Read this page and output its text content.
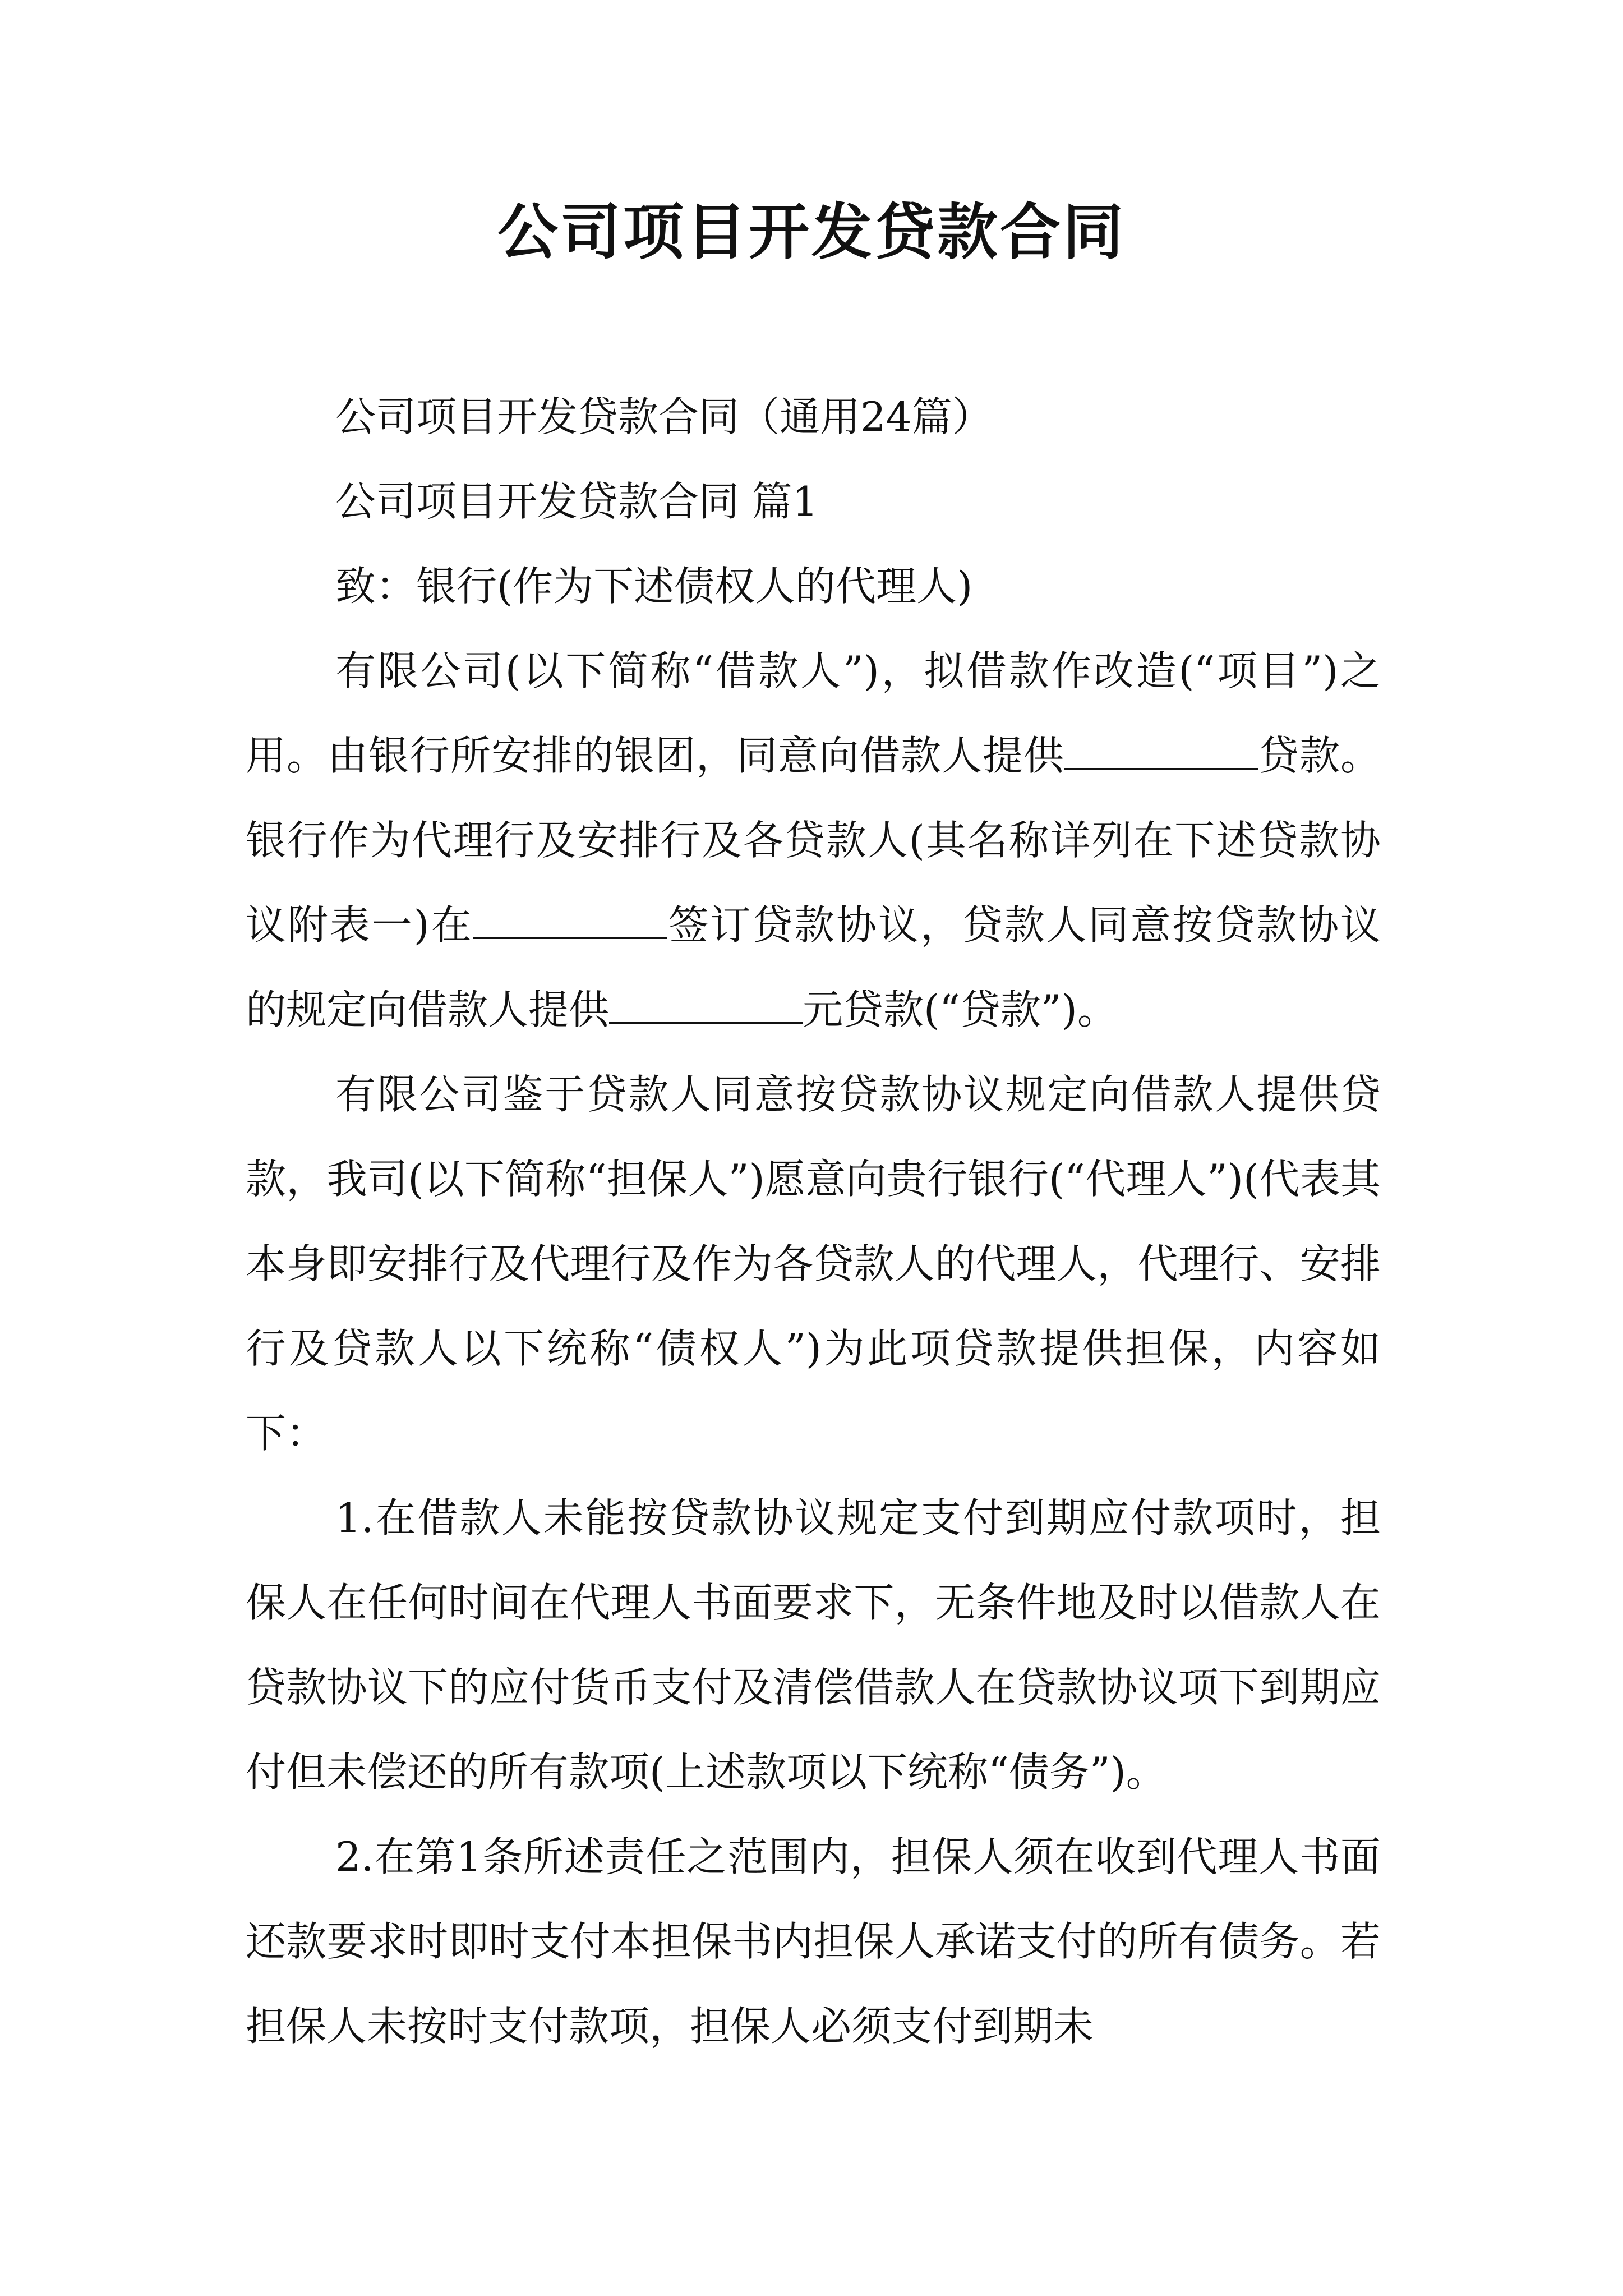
公司项目开发贷款合同

公司项目开发贷款合同（通用24篇）

公司项目开发贷款合同 篇1

致：银行(作为下述债权人的代理人)

有限公司(以下简称“借款人”)，拟借款作改造(“项目”)之用。由银行所安排的银团，同意向借款人提供	贷款。银行作为代理行及安排行及各贷款人(其名称详列在下述贷款协议附表一)在	签订贷款协议，贷款人同意按贷款协议的规定向借款人提供	元贷款(“贷款”)。

有限公司鉴于贷款人同意按贷款协议规定向借款人提供贷款，我司(以下简称“担保人”)愿意向贵行银行(“代理人”)(代表其本身即安排行及代理行及作为各贷款人的代理人，代理行、安排行及贷款人以下统称“债权人”)为此项贷款提供担保，内容如下：

1.在借款人未能按贷款协议规定支付到期应付款项时，担保人在任何时间在代理人书面要求下，无条件地及时以借款人在贷款协议下的应付货币支付及清偿借款人在贷款协议项下到期应付但未偿还的所有款项(上述款项以下统称“债务”)。

2.在第1条所述责任之范围内，担保人须在收到代理人书面还款要求时即时支付本担保书内担保人承诺支付的所有债务。若担保人未按时支付款项，担保人必须支付到期未
